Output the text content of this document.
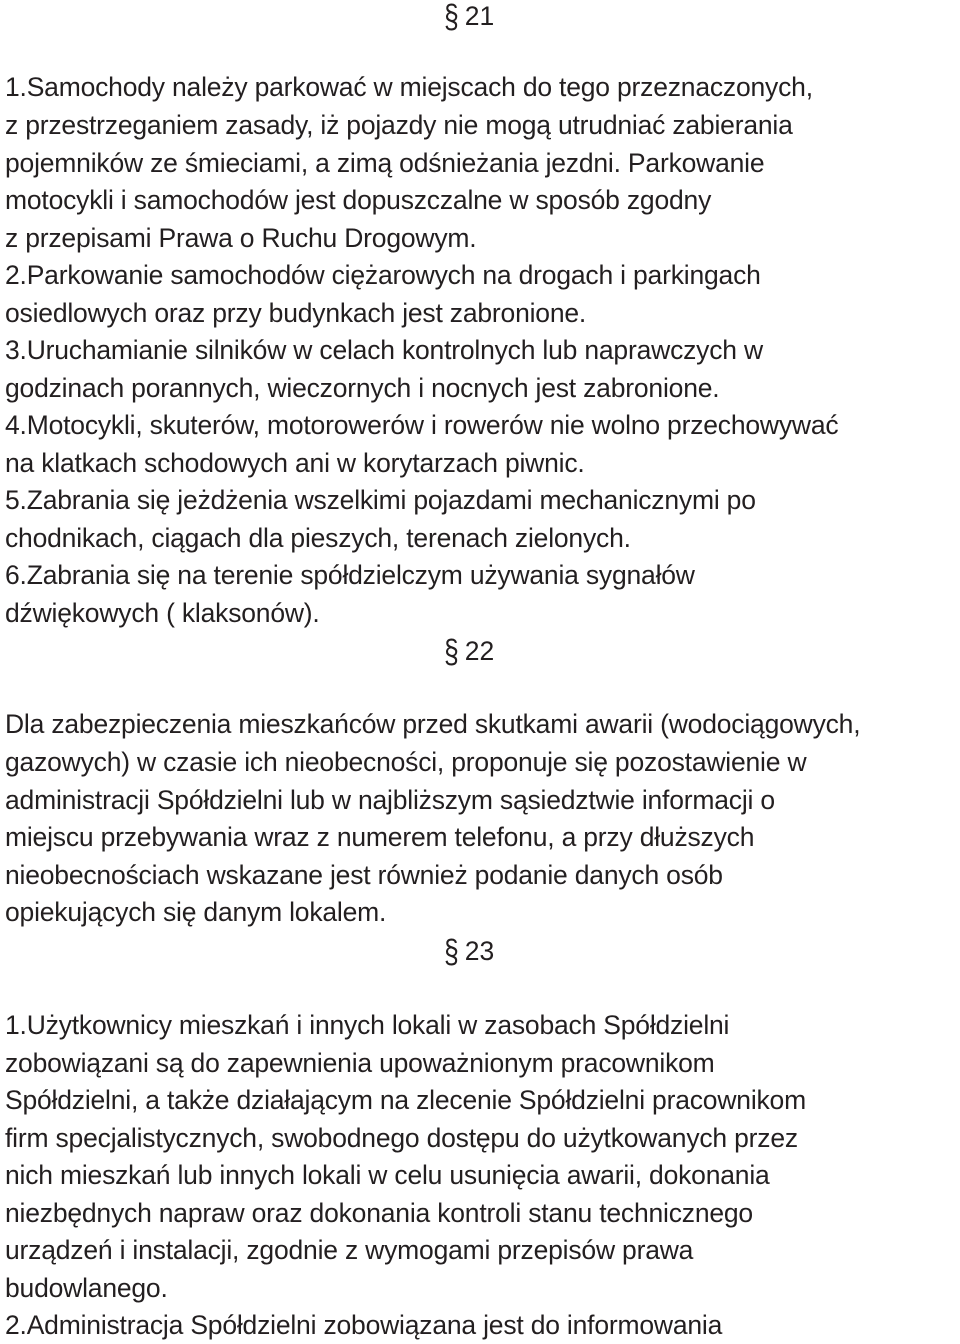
§ 21
1.Samochody należy parkować w miejscach do tego przeznaczonych,
z przestrzeganiem zasady, iż pojazdy nie mogą utrudniać zabierania
pojemników ze śmieciami, a zimą odśnieżania jezdni. Parkowanie
motocykli i samochodów jest dopuszczalne w sposób zgodny
z przepisami Prawa o Ruchu Drogowym.
2.Parkowanie samochodów ciężarowych na drogach i parkingach
osiedlowych oraz przy budynkach jest zabronione.
3.Uruchamianie silników w celach kontrolnych lub naprawczych w
godzinach porannych, wieczornych i nocnych jest zabronione.
4.Motocykli, skuterów, motorowerów i rowerów nie wolno przechowywać
na klatkach schodowych ani w korytarzach piwnic.
5.Zabrania się jeżdżenia wszelkimi pojazdami mechanicznymi po
chodnikach, ciągach dla pieszych, terenach zielonych.
6.Zabrania się na terenie spółdzielczym używania sygnałów
dźwiękowych ( klaksonów).
§ 22
Dla zabezpieczenia mieszkańców przed skutkami awarii (wodociągowych,
gazowych) w czasie ich nieobecności, proponuje się pozostawienie w
administracji Spółdzielni lub w najbliższym sąsiedztwie informacji o
miejscu przebywania wraz z numerem telefonu, a przy dłuższych
nieobecnościach wskazane jest również podanie danych osób
opiekujących się danym lokalem.
§ 23
1.Użytkownicy mieszkań i innych lokali w zasobach Spółdzielni
zobowiązani są do zapewnienia upoważnionym pracownikom
Spółdzielni, a także działającym na zlecenie Spółdzielni pracownikom
firm specjalistycznych, swobodnego dostępu do użytkowanych przez
nich mieszkań lub innych lokali w celu usunięcia awarii, dokonania
niezbędnych napraw oraz dokonania kontroli stanu technicznego
urządzeń i instalacji, zgodnie z wymogami przepisów prawa
budowlanego.
2.Administracja Spółdzielni zobowiązana jest do informowania
